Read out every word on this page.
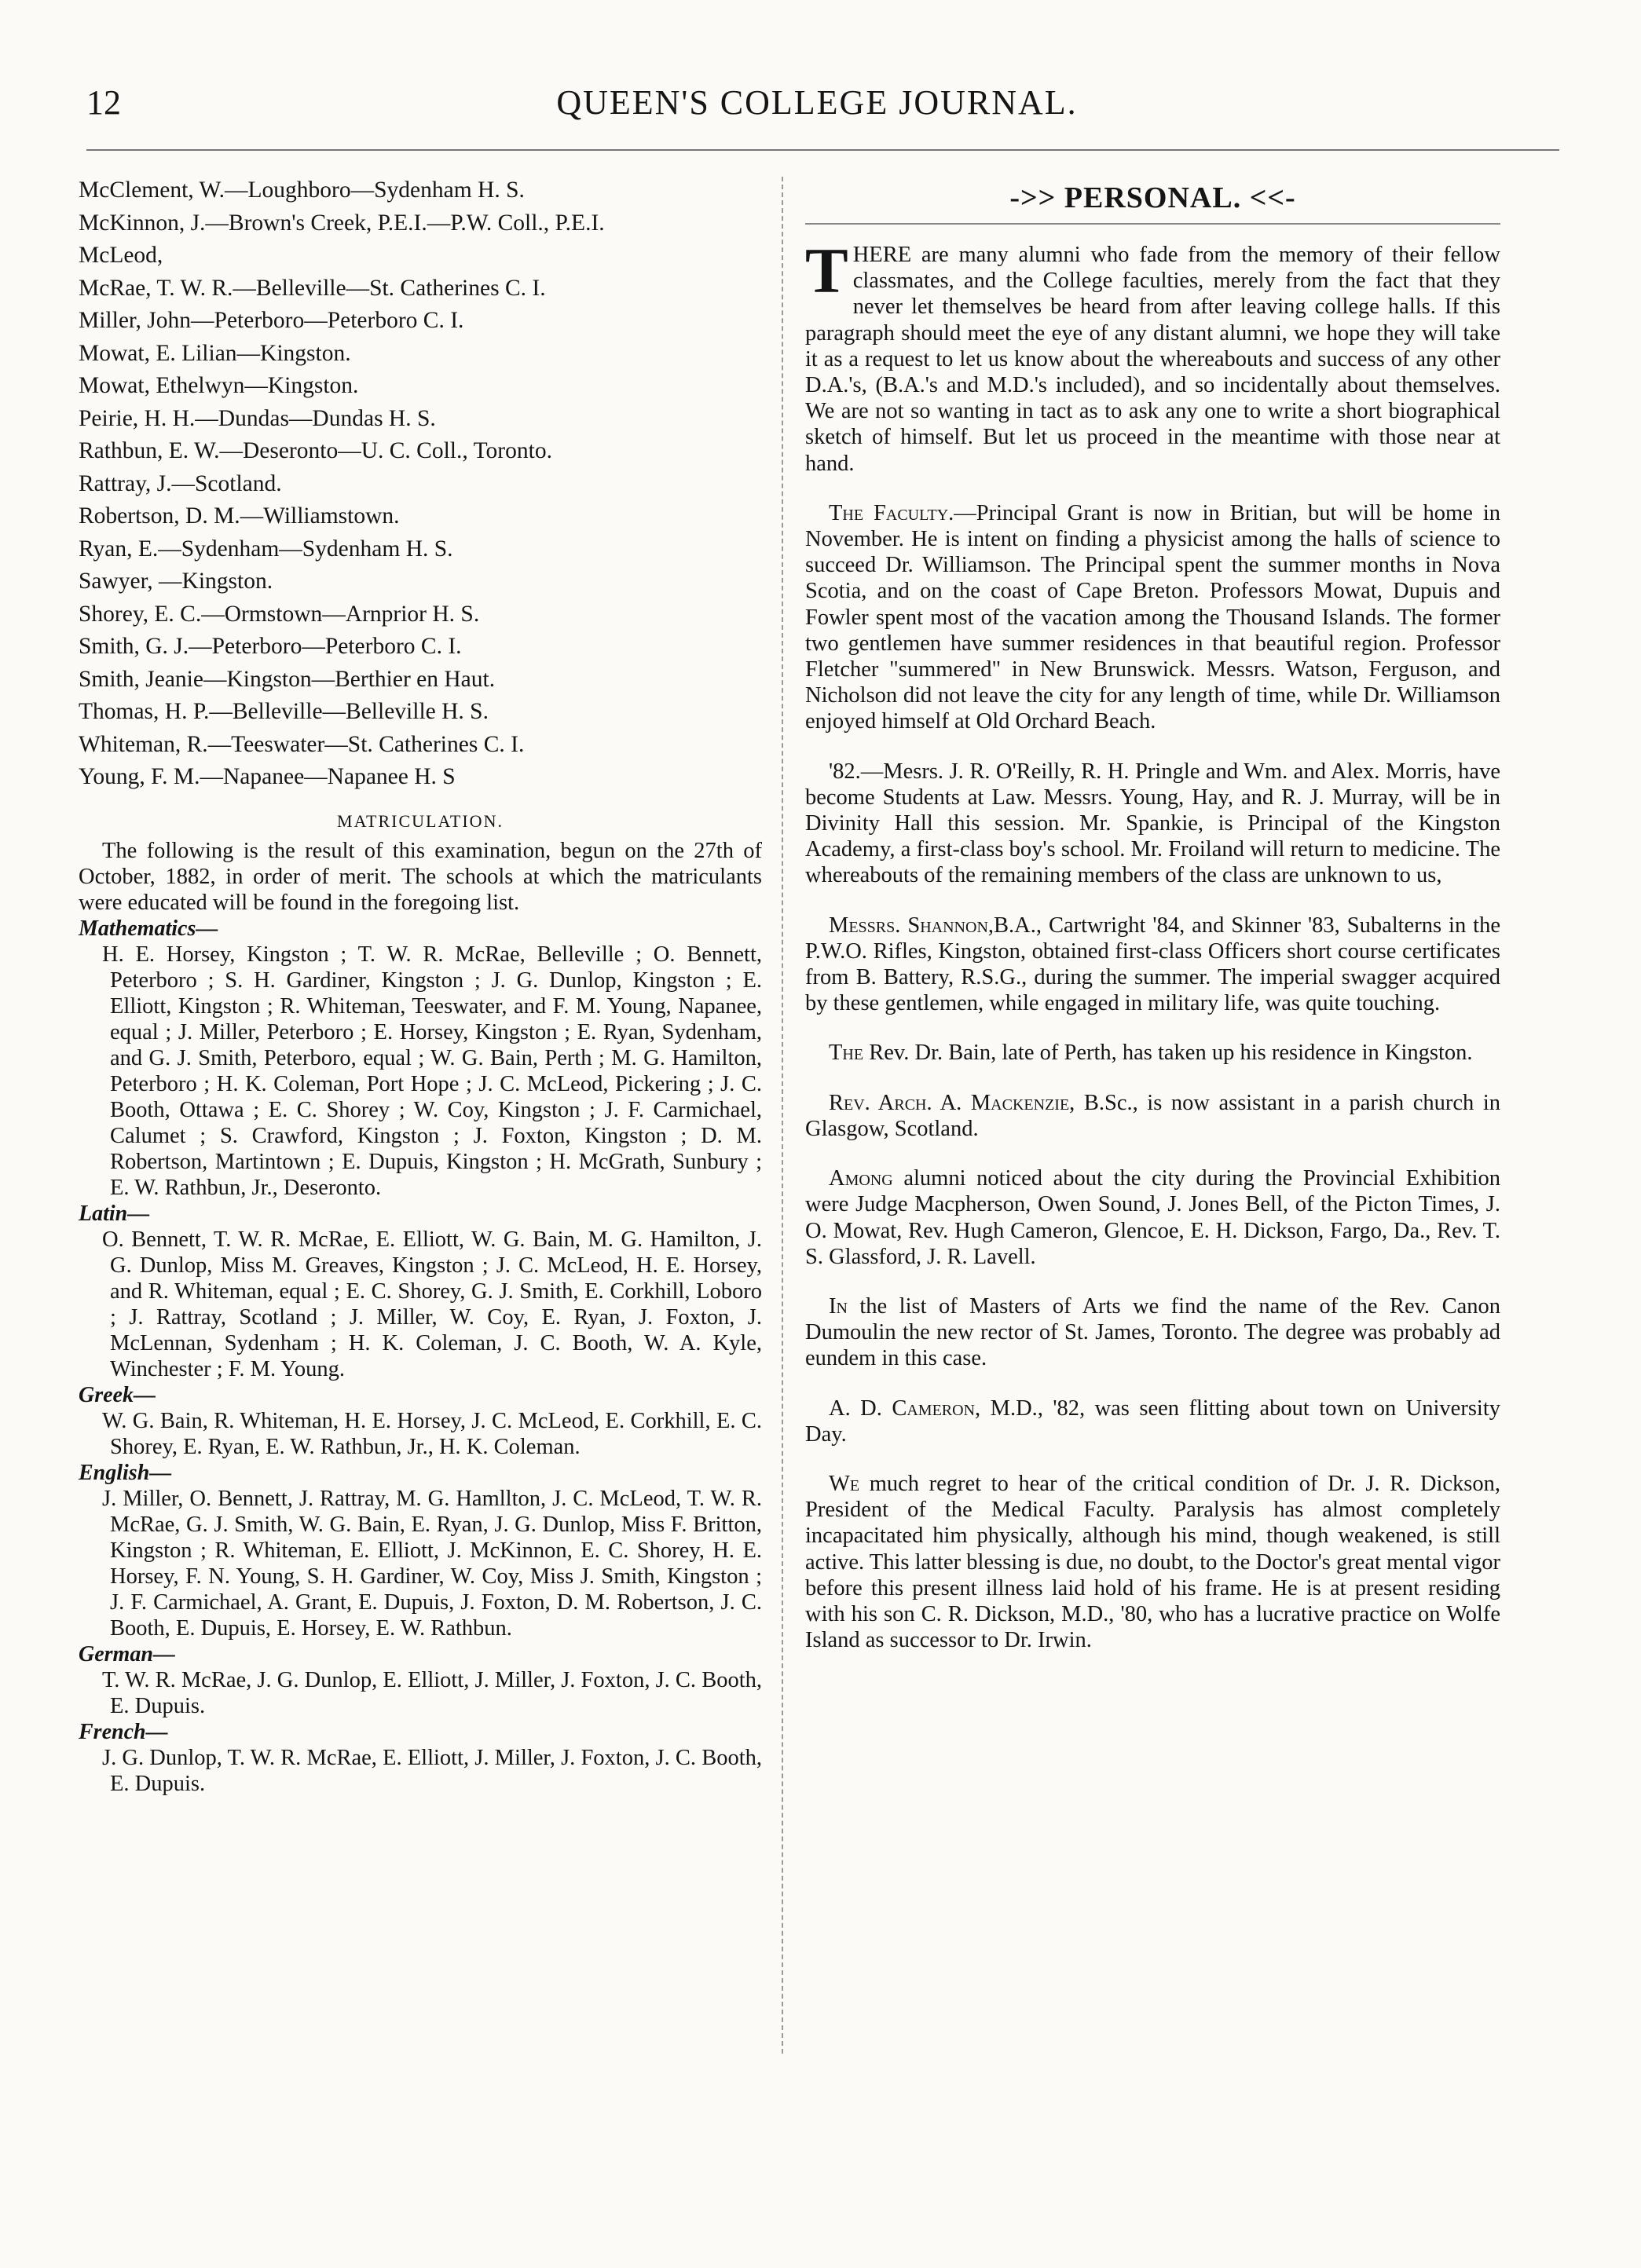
12	QUEEN'S COLLEGE JOURNAL.
McClement, W.—Loughboro—Sydenham H. S.
McKinnon, J.—Brown's Creek, P.E.I.—P.W. Coll., P.E.I.
McLeod,
McRae, T. W. R.—Belleville—St. Catherines C. I.
Miller, John—Peterboro—Peterboro C. I.
Mowat, E. Lilian—Kingston.
Mowat, Ethelwyn—Kingston.
Peirie, H. H.—Dundas—Dundas H. S.
Rathbun, E. W.—Deseronto—U. C. Coll., Toronto.
Rattray, J.—Scotland.
Robertson, D. M.—Williamstown.
Ryan, E.—Sydenham—Sydenham H. S.
Sawyer, —Kingston.
Shorey, E. C.—Ormstown—Arnprior H. S.
Smith, G. J.—Peterboro—Peterboro C. I.
Smith, Jeanie—Kingston—Berthier en Haut.
Thomas, H. P.—Belleville—Belleville H. S.
Whiteman, R.—Teeswater—St. Catherines C. I.
Young, F. M.—Napanee—Napanee H. S
MATRICULATION.

The following is the result of this examination, begun on the 27th of October, 1882, in order of merit. The schools at which the matriculants were educated will be found in the foregoing list.

Mathematics—

H. E. Horsey, Kingston ; T. W. R. McRae, Belleville ; O. Bennett, Peterboro ; S. H. Gardiner, Kingston ; J. G. Dunlop, Kingston ; E. Elliott, Kingston ; R. Whiteman, Teeswater, and F. M. Young, Napanee, equal ; J. Miller, Peterboro ; E. Horsey, Kingston ; E. Ryan, Sydenham, and G. J. Smith, Peterboro, equal ; W. G. Bain, Perth ; M. G. Hamilton, Peterboro ; H. K. Coleman, Port Hope ; J. C. McLeod, Pickering ; J. C. Booth, Ottawa ; E. C. Shorey ; W. Coy, Kingston ; J. F. Carmichael, Calumet ; S. Crawford, Kingston ; J. Foxton, Kingston ; D. M. Robertson, Martintown ; E. Dupuis, Kingston ; H. McGrath, Sunbury ; E. W. Rathbun, Jr., Deseronto.

Latin—

O. Bennett, T. W. R. McRae, E. Elliott, W. G. Bain, M. G. Hamilton, J. G. Dunlop, Miss M. Greaves, Kingston ; J. C. McLeod, H. E. Horsey, and R. Whiteman, equal ; E. C. Shorey, G. J. Smith, E. Corkhill, Loboro ; J. Rattray, Scotland ; J. Miller, W. Coy, E. Ryan, J. Foxton, J. McLennan, Sydenham ; H. K. Coleman, J. C. Booth, W. A. Kyle, Winchester ; F. M. Young.

Greek—

W. G. Bain, R. Whiteman, H. E. Horsey, J. C. McLeod, E. Corkhill, E. C. Shorey, E. Ryan, E. W. Rathbun, Jr., H. K. Coleman.

English—

J. Miller, O. Bennett, J. Rattray, M. G. Hamllton, J. C. McLeod, T. W. R. McRae, G. J. Smith, W. G. Bain, E. Ryan, J. G. Dunlop, Miss F. Britton, Kingston ; R. Whiteman, E. Elliott, J. McKinnon, E. C. Shorey, H. E. Horsey, F. N. Young, S. H. Gardiner, W. Coy, Miss J. Smith, Kingston ; J. F. Carmichael, A. Grant, E. Dupuis, J. Foxton, D. M. Robertson, J. C. Booth, E. Dupuis, E. Horsey, E. W. Rathbun.

German—

T. W. R. McRae, J. G. Dunlop, E. Elliott, J. Miller, J. Foxton, J. C. Booth, E. Dupuis.

French—

J. G. Dunlop, T. W. R. McRae, E. Elliott, J. Miller, J. Foxton, J. C. Booth, E. Dupuis.

->> PERSONAL. <<-

THERE are many alumni who fade from the memory of their fellow classmates, and the College faculties, merely from the fact that they never let themselves be heard from after leaving college halls. If this paragraph should meet the eye of any distant alumni, we hope they will take it as a request to let us know about the whereabouts and success of any other D.A.'s, (B.A.'s and M.D.'s included), and so incidentally about themselves. We are not so wanting in tact as to ask any one to write a short biographical sketch of himself. But let us proceed in the meantime with those near at hand.

The Faculty.—Principal Grant is now in Britian, but will be home in November. He is intent on finding a physicist among the halls of science to succeed Dr. Williamson. The Principal spent the summer months in Nova Scotia, and on the coast of Cape Breton. Professors Mowat, Dupuis and Fowler spent most of the vacation among the Thousand Islands. The former two gentlemen have summer residences in that beautiful region. Professor Fletcher "summered" in New Brunswick. Messrs. Watson, Ferguson, and Nicholson did not leave the city for any length of time, while Dr. Williamson enjoyed himself at Old Orchard Beach.

'82.—Mesrs. J. R. O'Reilly, R. H. Pringle and Wm. and Alex. Morris, have become Students at Law. Messrs. Young, Hay, and R. J. Murray, will be in Divinity Hall this session. Mr. Spankie, is Principal of the Kingston Academy, a first-class boy's school. Mr. Froiland will return to medicine. The whereabouts of the remaining members of the class are unknown to us,

Messrs. Shannon,B.A., Cartwright '84, and Skinner '83, Subalterns in the P.W.O. Rifles, Kingston, obtained first-class Officers short course certificates from B. Battery, R.S.G., during the summer. The imperial swagger acquired by these gentlemen, while engaged in military life, was quite touching.

The Rev. Dr. Bain, late of Perth, has taken up his residence in Kingston.

Rev. Arch. A. Mackenzie, B.Sc., is now assistant in a parish church in Glasgow, Scotland.

Among alumni noticed about the city during the Provincial Exhibition were Judge Macpherson, Owen Sound, J. Jones Bell, of the Picton Times, J. O. Mowat, Rev. Hugh Cameron, Glencoe, E. H. Dickson, Fargo, Da., Rev. T. S. Glassford, J. R. Lavell.

In the list of Masters of Arts we find the name of the Rev. Canon Dumoulin the new rector of St. James, Toronto. The degree was probably ad eundem in this case.

A. D. Cameron, M.D., '82, was seen flitting about town on University Day.

We much regret to hear of the critical condition of Dr. J. R. Dickson, President of the Medical Faculty. Paralysis has almost completely incapacitated him physically, although his mind, though weakened, is still active. This latter blessing is due, no doubt, to the Doctor's great mental vigor before this present illness laid hold of his frame. He is at present residing with his son C. R. Dickson, M.D., '80, who has a lucrative practice on Wolfe Island as successor to Dr. Irwin.
